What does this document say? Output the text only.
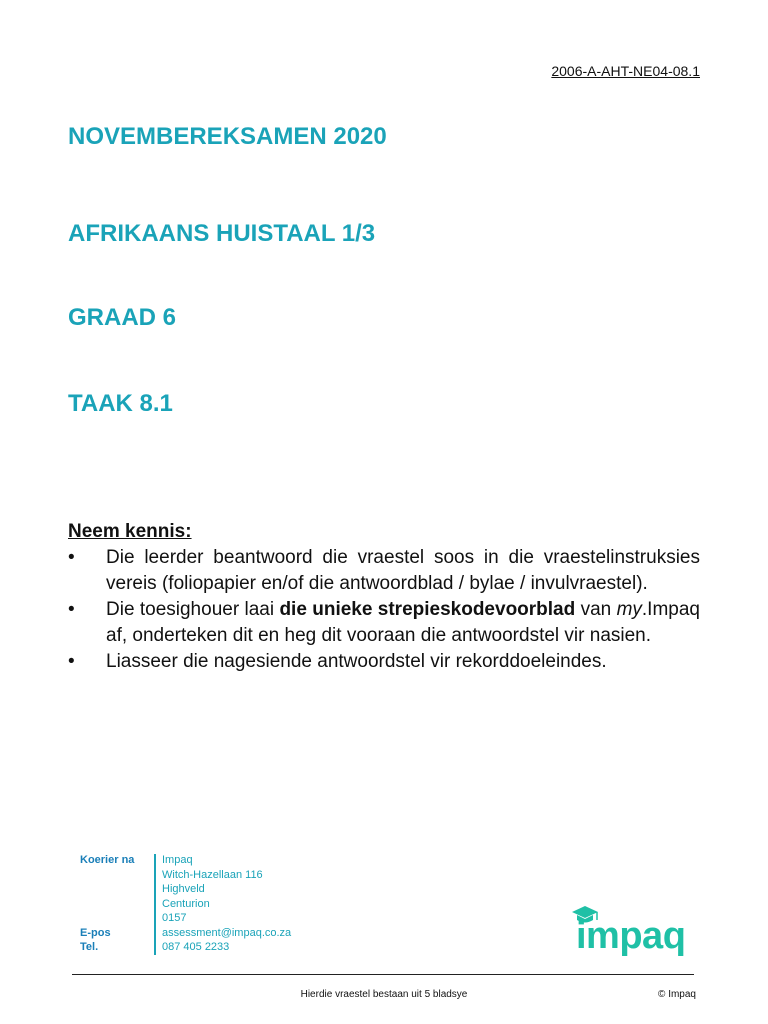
2006-A-AHT-NE04-08.1
NOVEMBEREKSAMEN 2020
AFRIKAANS HUISTAAL 1/3
GRAAD 6
TAAK 8.1
Neem kennis:
• Die leerder beantwoord die vraestel soos in die vraestelinstruksies vereis (foliopapier en/of die antwoordblad / bylae / invulvraestel).
• Die toesighouer laai die unieke strepieskodevoorblad van my.Impaq af, onderteken dit en heg dit vooraan die antwoordstel vir nasien.
• Liasseer die nagesiende antwoordstel vir rekorddoeleindes.
Koerier na
E-pos
Tel.
Impaq
Witch-Hazellaan 116
Highveld
Centurion
0157
assessment@impaq.co.za
087 405 2233	impaq
Hierdie vraestel bestaan uit 5 bladsye	© Impaq
